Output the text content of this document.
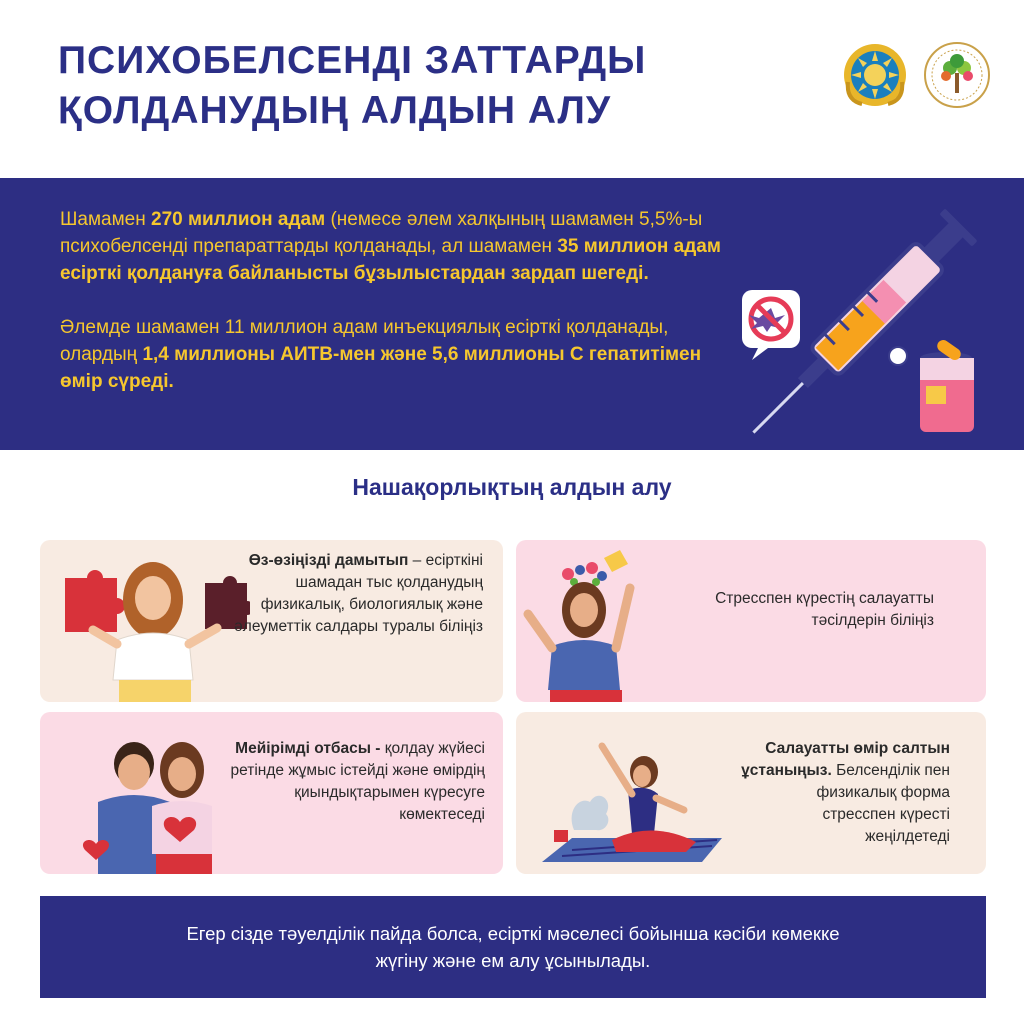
ПСИХОБЕЛСЕНДІ ЗАТТАРДЫ
ҚОЛДАНУДЫҢ АЛДЫН АЛУ

Шамамен 270 миллион адам (немесе әлем халқының шамамен 5,5%-ы психобелсенді препараттарды қолданады, ал шамамен 35 миллион адам есірткі қолдануға байланысты бұзылыстардан зардап шегеді.

Әлемде шамамен 11 миллион адам инъекциялық есірткі қолданады, олардың 1,4 миллионы АИТВ-мен және 5,6 миллионы С гепатитімен өмір сүреді.

Нашақорлықтың алдын алу
Өз-өзіңізді дамытып – есірткіні шамадан тыс қолданудың физикалық, биологиялық және әлеуметтік салдары туралы біліңіз
Стресспен күрестің салауатты тәсілдерін біліңіз
Мейірімді отбасы - қолдау жүйесі ретінде жұмыс істейді және өмірдің қиындықтарымен күресуге көмектеседі
Салауатты өмір салтын ұстаныңыз. Белсенділік пен физикалық форма стресспен күресті жеңілдетеді
Егер сізде тәуелділік пайда болса, есірткі мәселесі бойынша кәсіби көмекке
жүгіну және ем алу ұсынылады.
